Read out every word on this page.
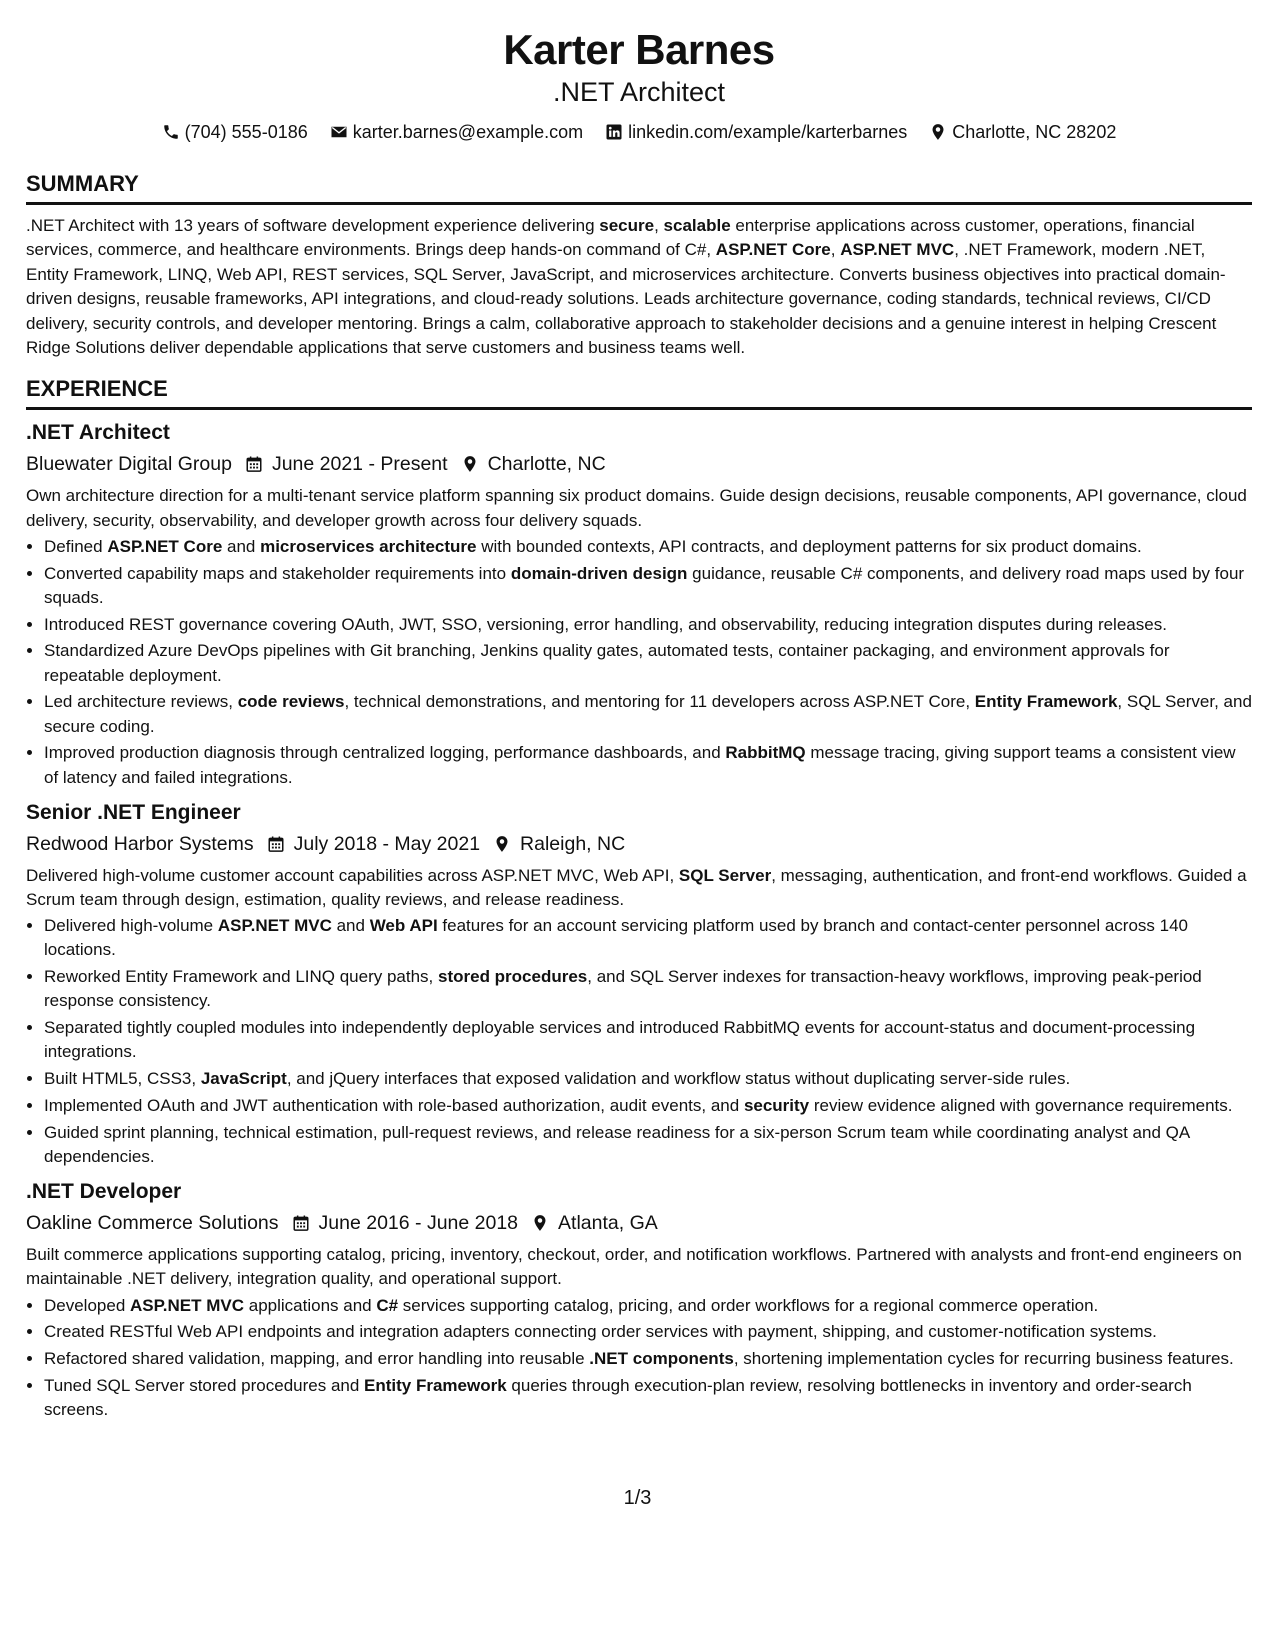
Karter Barnes
.NET Architect
(704) 555-0186	karter.barnes@example.com	linkedin.com/example/karterbarnes	Charlotte, NC 28202
SUMMARY
.NET Architect with 13 years of software development experience delivering secure, scalable enterprise applications across customer, operations, financial services, commerce, and healthcare environments. Brings deep hands-on command of C#, ASP.NET Core, ASP.NET MVC, .NET Framework, modern .NET, Entity Framework, LINQ, Web API, REST services, SQL Server, JavaScript, and microservices architecture. Converts business objectives into practical domain-driven designs, reusable frameworks, API integrations, and cloud-ready solutions. Leads architecture governance, coding standards, technical reviews, CI/CD delivery, security controls, and developer mentoring. Brings a calm, collaborative approach to stakeholder decisions and a genuine interest in helping Crescent Ridge Solutions deliver dependable applications that serve customers and business teams well.
EXPERIENCE
.NET Architect
Bluewater Digital Group June 2021 - Present Charlotte, NC
Own architecture direction for a multi-tenant service platform spanning six product domains. Guide design decisions, reusable components, API governance, cloud delivery, security, observability, and developer growth across four delivery squads.
• Defined ASP.NET Core and microservices architecture with bounded contexts, API contracts, and deployment patterns for six product domains.
• Converted capability maps and stakeholder requirements into domain-driven design guidance, reusable C# components, and delivery road maps used by four squads.
• Introduced REST governance covering OAuth, JWT, SSO, versioning, error handling, and observability, reducing integration disputes during releases.
• Standardized Azure DevOps pipelines with Git branching, Jenkins quality gates, automated tests, container packaging, and environment approvals for repeatable deployment.
• Led architecture reviews, code reviews, technical demonstrations, and mentoring for 11 developers across ASP.NET Core, Entity Framework, SQL Server, and secure coding.
• Improved production diagnosis through centralized logging, performance dashboards, and RabbitMQ message tracing, giving support teams a consistent view of latency and failed integrations.
Senior .NET Engineer
Redwood Harbor Systems July 2018 - May 2021 Raleigh, NC
Delivered high-volume customer account capabilities across ASP.NET MVC, Web API, SQL Server, messaging, authentication, and front-end workflows. Guided a Scrum team through design, estimation, quality reviews, and release readiness.
• Delivered high-volume ASP.NET MVC and Web API features for an account servicing platform used by branch and contact-center personnel across 140 locations.
• Reworked Entity Framework and LINQ query paths, stored procedures, and SQL Server indexes for transaction-heavy workflows, improving peak-period response consistency.
• Separated tightly coupled modules into independently deployable services and introduced RabbitMQ events for account-status and document-processing integrations.
• Built HTML5, CSS3, JavaScript, and jQuery interfaces that exposed validation and workflow status without duplicating server-side rules.
• Implemented OAuth and JWT authentication with role-based authorization, audit events, and security review evidence aligned with governance requirements.
• Guided sprint planning, technical estimation, pull-request reviews, and release readiness for a six-person Scrum team while coordinating analyst and QA dependencies.
.NET Developer
Oakline Commerce Solutions June 2016 - June 2018 Atlanta, GA
Built commerce applications supporting catalog, pricing, inventory, checkout, order, and notification workflows. Partnered with analysts and front-end engineers on maintainable .NET delivery, integration quality, and operational support.
• Developed ASP.NET MVC applications and C# services supporting catalog, pricing, and order workflows for a regional commerce operation.
• Created RESTful Web API endpoints and integration adapters connecting order services with payment, shipping, and customer-notification systems.
• Refactored shared validation, mapping, and error handling into reusable .NET components, shortening implementation cycles for recurring business features.
• Tuned SQL Server stored procedures and Entity Framework queries through execution-plan review, resolving bottlenecks in inventory and order-search screens.
1/3
